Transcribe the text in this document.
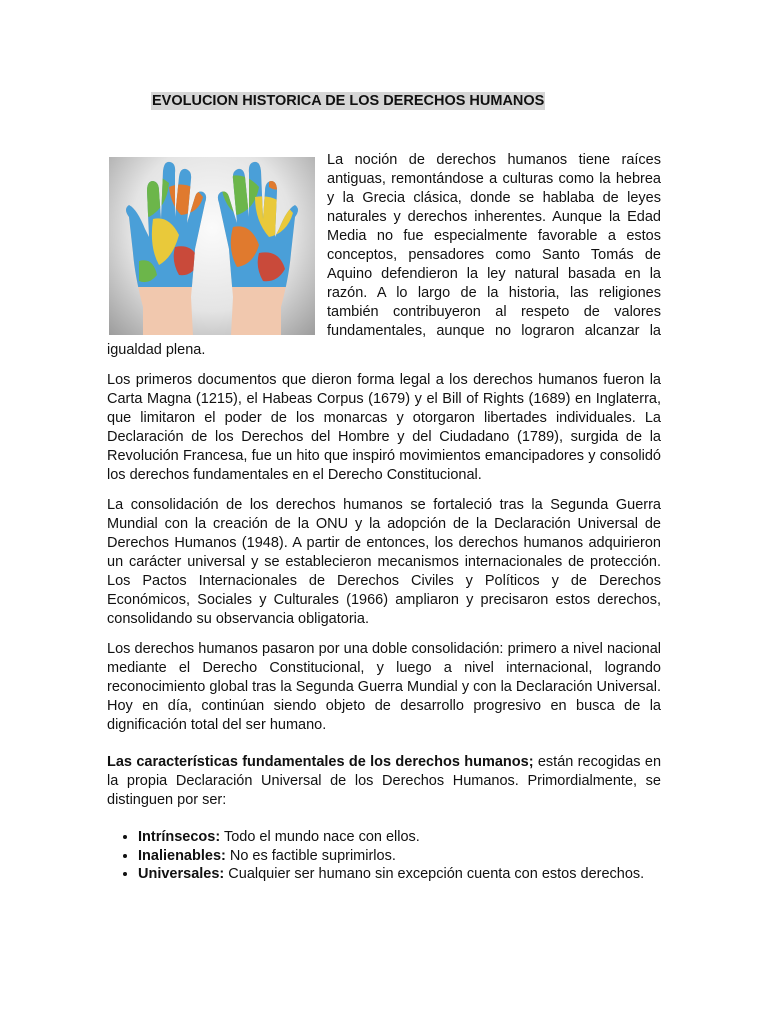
EVOLUCION HISTORICA DE LOS DERECHOS HUMANOS

La noción de derechos humanos tiene raíces antiguas, remontándose a culturas como la hebrea y la Grecia clásica, donde se hablaba de leyes naturales y derechos inherentes. Aunque la Edad Media no fue especialmente favorable a estos conceptos, pensadores como Santo Tomás de Aquino defendieron la ley natural basada en la razón. A lo largo de la historia, las religiones también contribuyeron al respeto de valores fundamentales, aunque no lograron alcanzar la igualdad plena.

Los primeros documentos que dieron forma legal a los derechos humanos fueron la Carta Magna (1215), el Habeas Corpus (1679) y el Bill of Rights (1689) en Inglaterra, que limitaron el poder de los monarcas y otorgaron libertades individuales. La Declaración de los Derechos del Hombre y del Ciudadano (1789), surgida de la Revolución Francesa, fue un hito que inspiró movimientos emancipadores y consolidó los derechos fundamentales en el Derecho Constitucional.

La consolidación de los derechos humanos se fortaleció tras la Segunda Guerra Mundial con la creación de la ONU y la adopción de la Declaración Universal de Derechos Humanos (1948). A partir de entonces, los derechos humanos adquirieron un carácter universal y se establecieron mecanismos internacionales de protección. Los Pactos Internacionales de Derechos Civiles y Políticos y de Derechos Económicos, Sociales y Culturales (1966) ampliaron y precisaron estos derechos, consolidando su observancia obligatoria.

Los derechos humanos pasaron por una doble consolidación: primero a nivel nacional mediante el Derecho Constitucional, y luego a nivel internacional, logrando reconocimiento global tras la Segunda Guerra Mundial y con la Declaración Universal. Hoy en día, continúan siendo objeto de desarrollo progresivo en busca de la dignificación total del ser humano.

Las características fundamentales de los derechos humanos; están recogidas en la propia Declaración Universal de los Derechos Humanos. Primordialmente, se distinguen por ser:

• Intrínsecos: Todo el mundo nace con ellos.
• Inalienables: No es factible suprimirlos.
• Universales: Cualquier ser humano sin excepción cuenta con estos derechos.
